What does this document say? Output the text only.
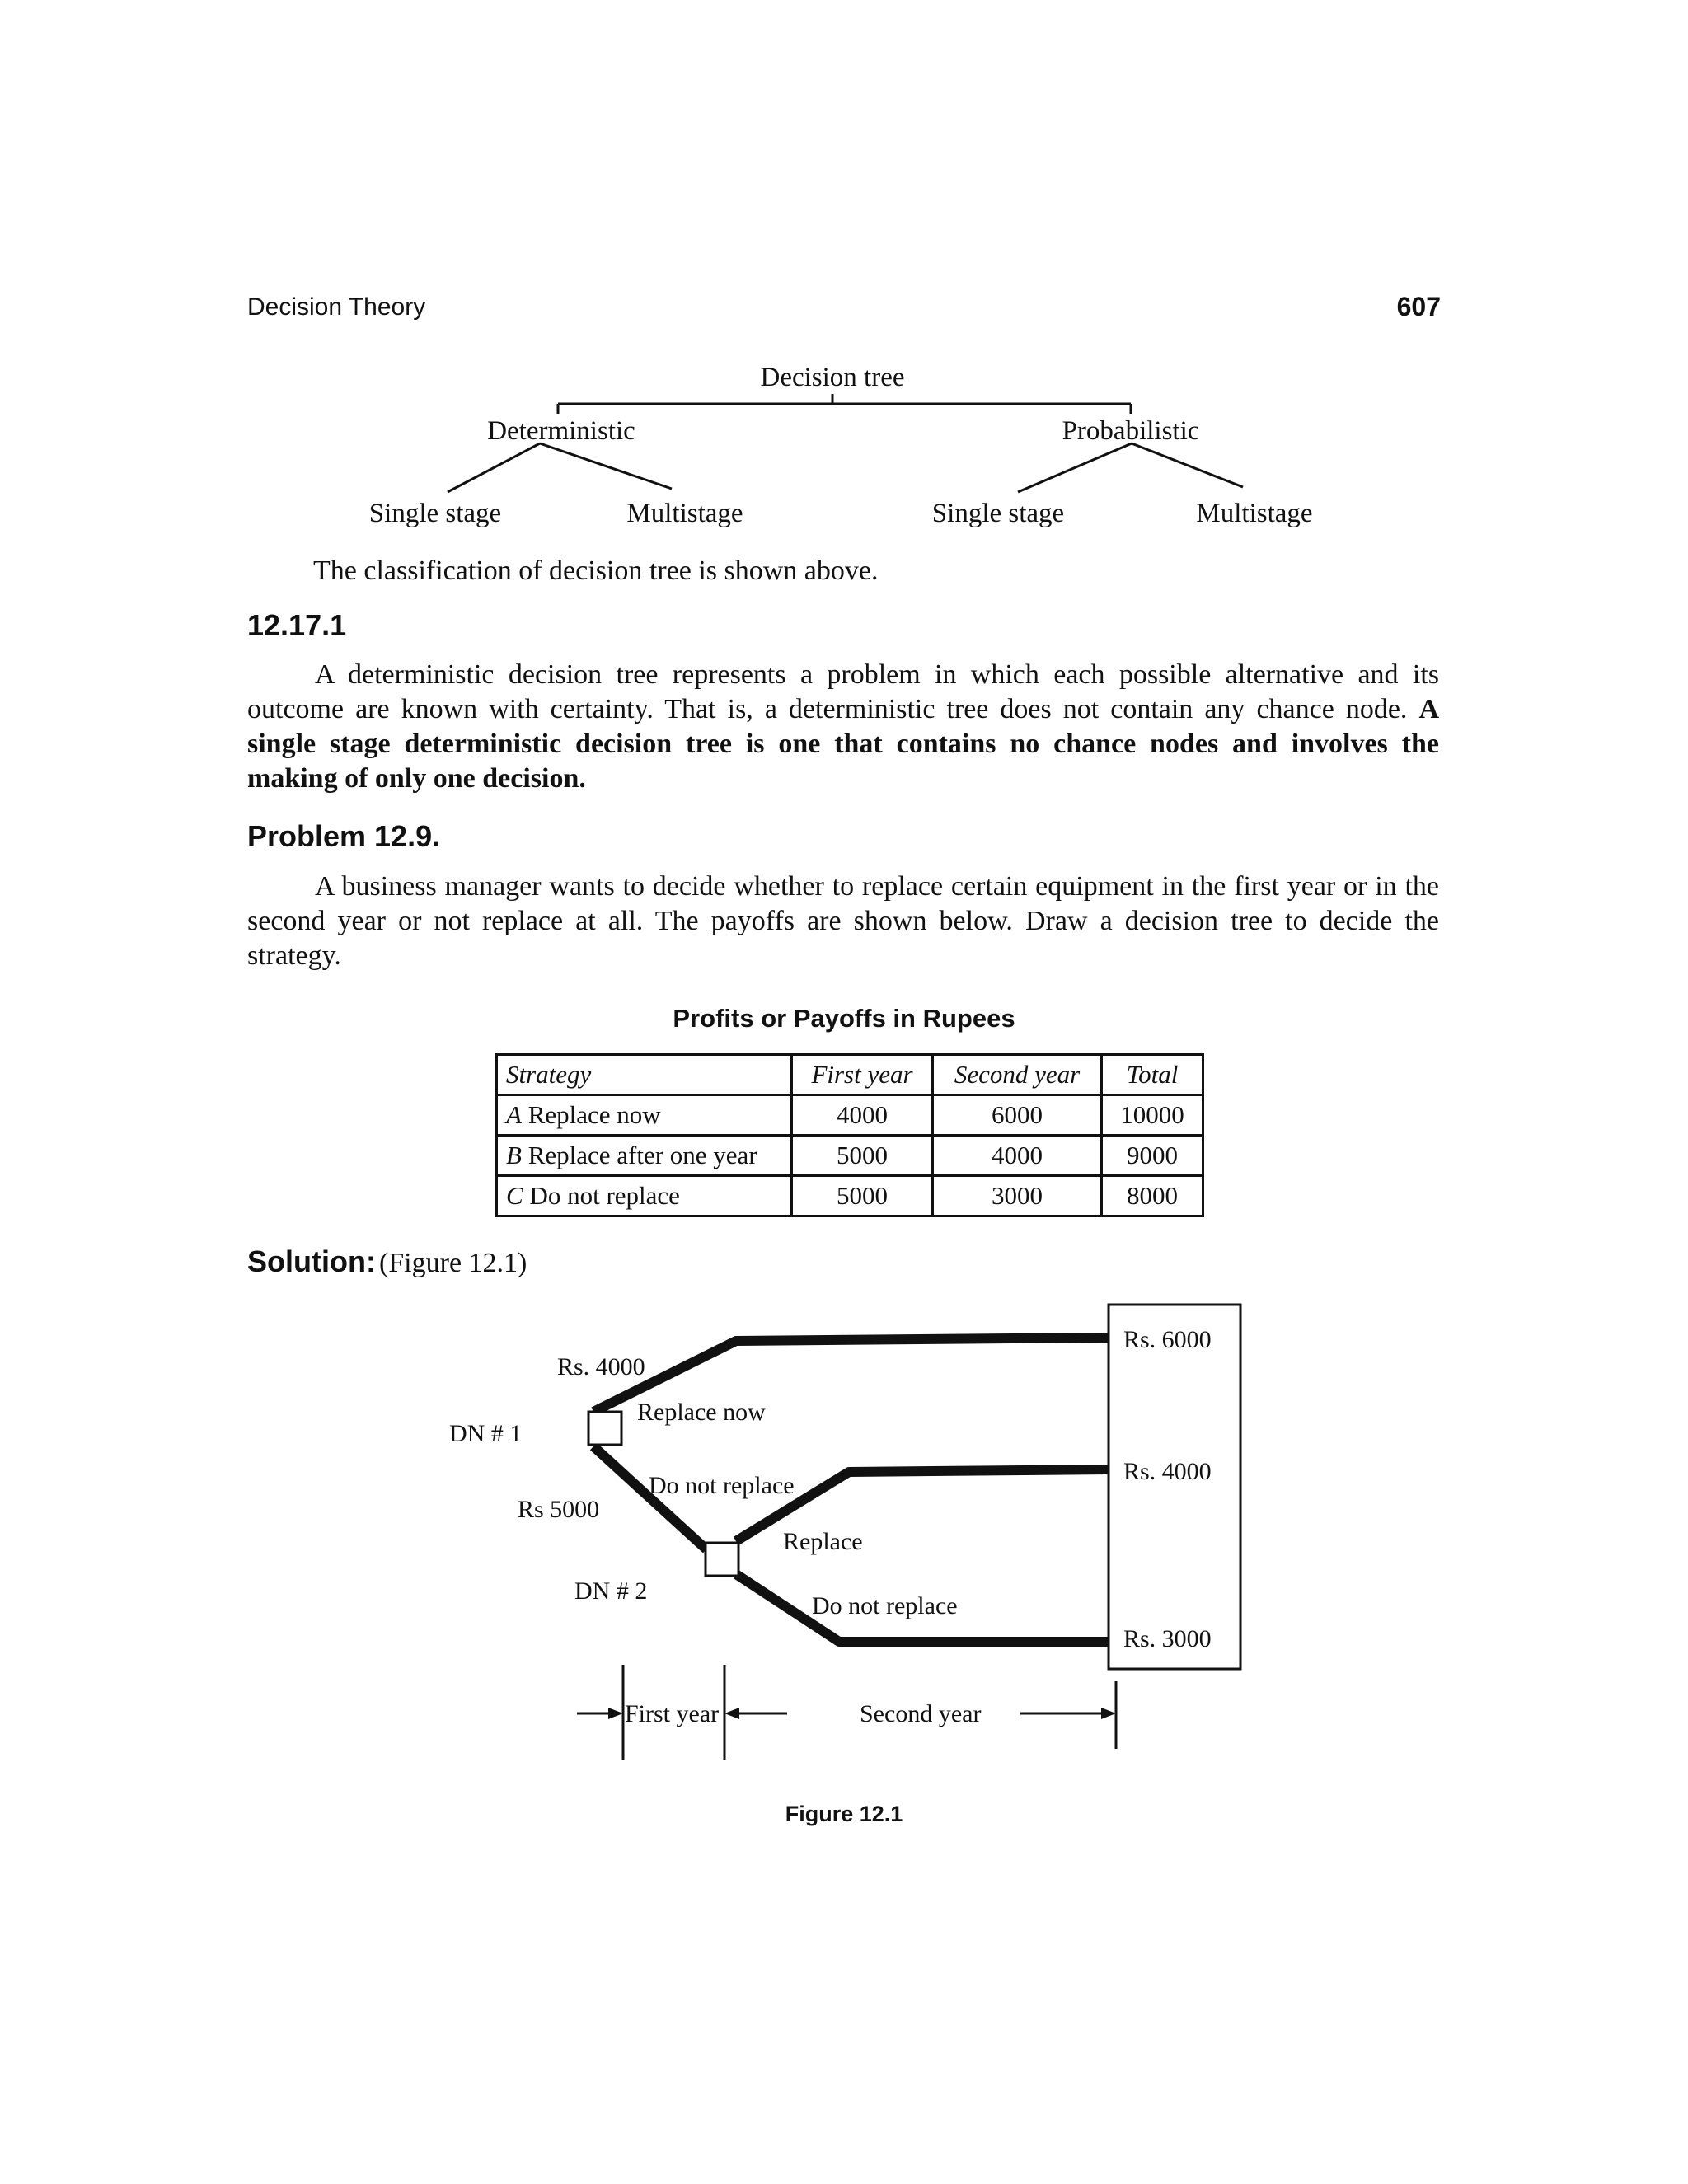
Decision Theory	607
Decision tree
Deterministic	Probabilistic
Single stage	Multistage	Single stage	Multistage
The classification of decision tree is shown above.
12.17.1
A deterministic decision tree represents a problem in which each possible alternative and its outcome are known with certainty. That is, a deterministic tree does not contain any chance node. A single stage deterministic decision tree is one that contains no chance nodes and involves the making of only one decision.
Problem 12.9.
A business manager wants to decide whether to replace certain equipment in the first year or in the second year or not replace at all. The payoffs are shown below. Draw a decision tree to decide the strategy.
Profits or Payoffs in Rupees
Strategy	First year	Second year	Total
A Replace now	4000	6000	10000
B Replace after one year	5000	4000	9000
C Do not replace	5000	3000	8000
Solution: (Figure 12.1)
Rs. 4000
DN # 1
Replace now
Rs 5000
Do not replace
Replace
DN # 2
Do not replace
Rs. 6000
Rs. 4000
Rs. 3000
First year	Second year
Figure 12.1
